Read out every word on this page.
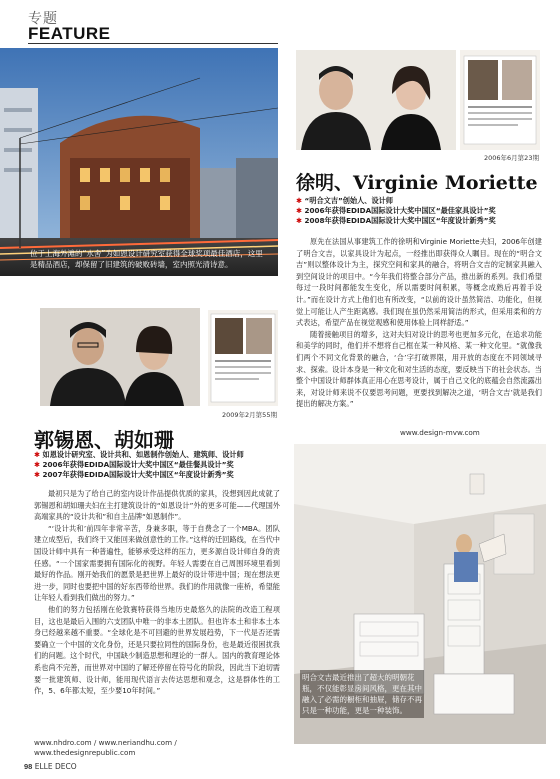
专题
FEATURE
位于上海外滩的“水舍”为如恩设计研究室获得全球奖项最佳酒店，这里是精品酒店，却保留了旧建筑的破败砖墙，室内照光清诗意。
2006年6月第23期
徐明、Virginie Moriette
✱ “明合文吉”创始人、设计师
✱ 2006年获得EDIDA国际设计大奖中国区“最佳家具设计”奖
✱ 2008年获得EDIDA国际设计大奖中国区“年度设计新秀”奖

原先在法国从事建筑工作的徐明和Virginie Moriette夫妇，2006年创建了明合文吉，以家具设计为起点，一经推出即获得众人瞩目。现在的“明合文吉”则以整体设计为主，探究空间和家具的融合，将明合文吉的定制家具融入到空间设计的项目中。“今年我们将整合部分产品，推出新的系列。我们希望每过一段时间都能发生变化，所以需要时间积累，等概念成熟后再着手设计。”而在设计方式上他们也有所改变，“以前的设计虽然简洁、功能化，但视觉上可能让人产生距离感。我们现在虽仍然采用简洁的形式，但采用柔和的方式表达，希望产品在视觉观感和使用体验上同样舒适。”

随着接触项目的增多，这对夫妇对设计的思考也更加多元化，在追求功能和美学的同时，他们并不想将自己框在某一种风格、某一种文化里。“就像我们两个不同文化背景的融合，‘合’字打破界限，用开放的态度在不同领域寻求、探索。设计本身是一种文化和对生活的态度，要反映当下的社会状态。当整个中国设计师群体真正用心在思考设计，属于自己文化的底蕴会自然流露出来，对设计师来说不仅要思考问题，更要找到解决之道，‘明合文吉’就是我们提出的解决方案。”

www.design-mvw.com
2009年2月第55期
郭锡恩、胡如珊
✱ 如恩设计研究室、设计共和、如恩制作创始人、建筑师、设计师
✱ 2006年获得EDIDA国际设计大奖中国区“最佳餐具设计”奖
✱ 2007年获得EDIDA国际设计大奖中国区“年度设计新秀”奖

最初只是为了给自己的室内设计作品提供优质的家具，没想到因此成就了郭锡恩和胡如珊夫妇在主打建筑设计的“如恩设计”外的更多可能——代理国外高端家具的“设计共和”和自主品牌“如恩制作”。

“‘设计共和’前四年非常辛苦，身兼多职，等于自费念了一个MBA。团队建立成型后，我们终于又能回来做创意性的工作。”这样的迁回路线，在当代中国设计师中具有一种普遍性，能够承受这样的压力，更多源自设计师自身的责任感。“一个国家需要拥有国际化的视野。年轻人需要在自己周围环境里看到最好的作品。刚开始我们的愿景是把世界上最好的设计带进中国；现在想法更进一步，同时也要把中国的好东西带给世界。我们的作用就像一座桥，希望能让年轻人看到我们做出的努力。”

他们的努力包括刚在伦敦赛特获得当地历史最悠久的法院的改造工程项目，这也是最后入围的六支团队中唯一的非本土团队。但也许本土和非本土本身已经越来越不重要。“全球化是不可回避的世界发展趋势，下一代是否还需要确立一个中国的文化身份，还是只要拉同性的国际身份，也是最近很困扰我们的问题。这个时代，中国缺少制造思想和理论的一群人。国内的教育理论体系也尚不完善，而世界对中国的了解还停留在符号化的阶段，因此当下迫切需要一批建筑师、设计师，能用现代语言去传达思想和观念，这是群体性的工作，5、6年都太短，至少要10年时间。”

www.nhdro.com / www.neriandhu.com / www.thedesignrepublic.com
明合文吉最近推出了超大的明朝花瓶，不仅能彰显房间风格，更在其中融入了必需的橱柜和抽屉，储存不再只是一种功能，更是一种装饰。
98 ELLE DECO
